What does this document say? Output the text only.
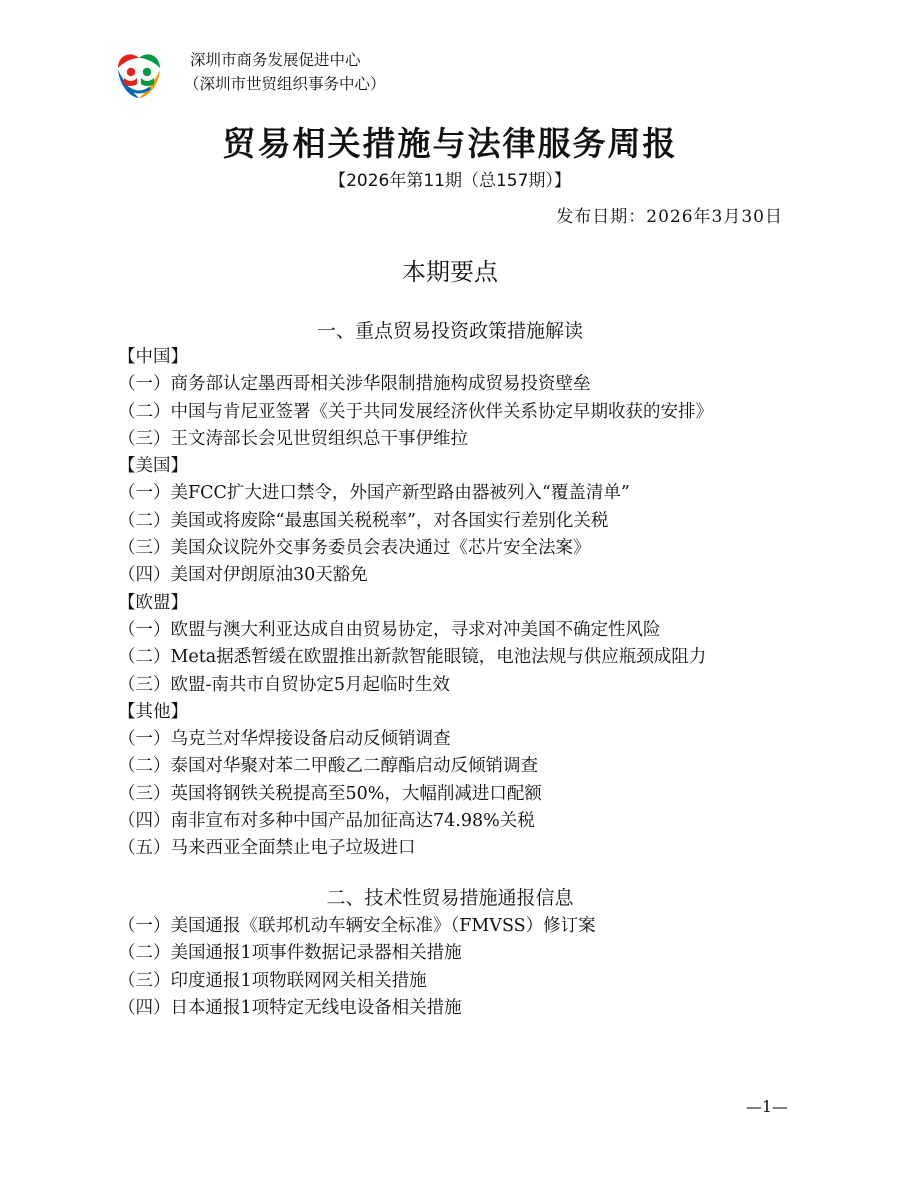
深圳市商务发展促进中心
（深圳市世贸组织事务中心）
贸易相关措施与法律服务周报
【2026年第11期（总157期）】
发布日期：2026年3月30日
本期要点
一、重点贸易投资政策措施解读
【中国】
（一）商务部认定墨西哥相关涉华限制措施构成贸易投资壁垒
（二）中国与肯尼亚签署《关于共同发展经济伙伴关系协定早期收获的安排》
（三）王文涛部长会见世贸组织总干事伊维拉
【美国】
（一）美FCC扩大进口禁令，外国产新型路由器被列入“覆盖清单”
（二）美国或将废除“最惠国关税税率”，对各国实行差别化关税
（三）美国众议院外交事务委员会表决通过《芯片安全法案》
（四）美国对伊朗原油30天豁免
【欧盟】
（一）欧盟与澳大利亚达成自由贸易协定，寻求对冲美国不确定性风险
（二）Meta据悉暂缓在欧盟推出新款智能眼镜，电池法规与供应瓶颈成阻力
（三）欧盟-南共市自贸协定5月起临时生效
【其他】
（一）乌克兰对华焊接设备启动反倾销调查
（二）泰国对华聚对苯二甲酸乙二醇酯启动反倾销调查
（三）英国将钢铁关税提高至50%，大幅削减进口配额
（四）南非宣布对多种中国产品加征高达74.98%关税
（五）马来西亚全面禁止电子垃圾进口
二、技术性贸易措施通报信息
（一）美国通报《联邦机动车辆安全标准》（FMVSS）修订案
（二）美国通报1项事件数据记录器相关措施
（三）印度通报1项物联网网关相关措施
（四）日本通报1项特定无线电设备相关措施
—1—
